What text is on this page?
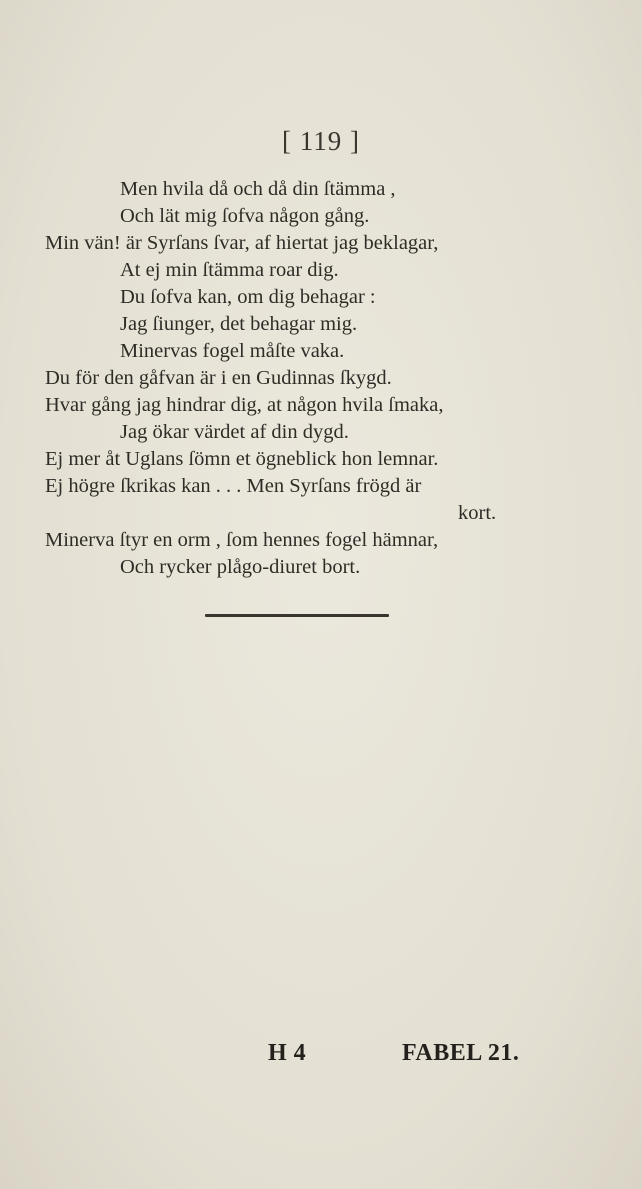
[ 119 ]
Men hvila då och då din ſtämma ,
Och lät mig ſofva någon gång.
Min vän! är Syrſans ſvar, af hiertat jag beklagar,
At ej min ſtämma roar dig.
Du ſofva kan, om dig behagar :
Jag ſiunger, det behagar mig.
Minervas fogel måſte vaka.
Du för den gåfvan är i en Gudinnas ſkygd.
Hvar gång jag hindrar dig, at någon hvila ſmaka,
Jag ökar värdet af din dygd.
Ej mer åt Uglans ſömn et ögneblick hon lemnar.
Ej högre ſkrikas kan . . . Men Syrſans frögd är
kort.
Minerva ſtyr en orm , ſom hennes fogel hämnar,
Och rycker plågo-diuret bort.
H 4	FABEL 21.
